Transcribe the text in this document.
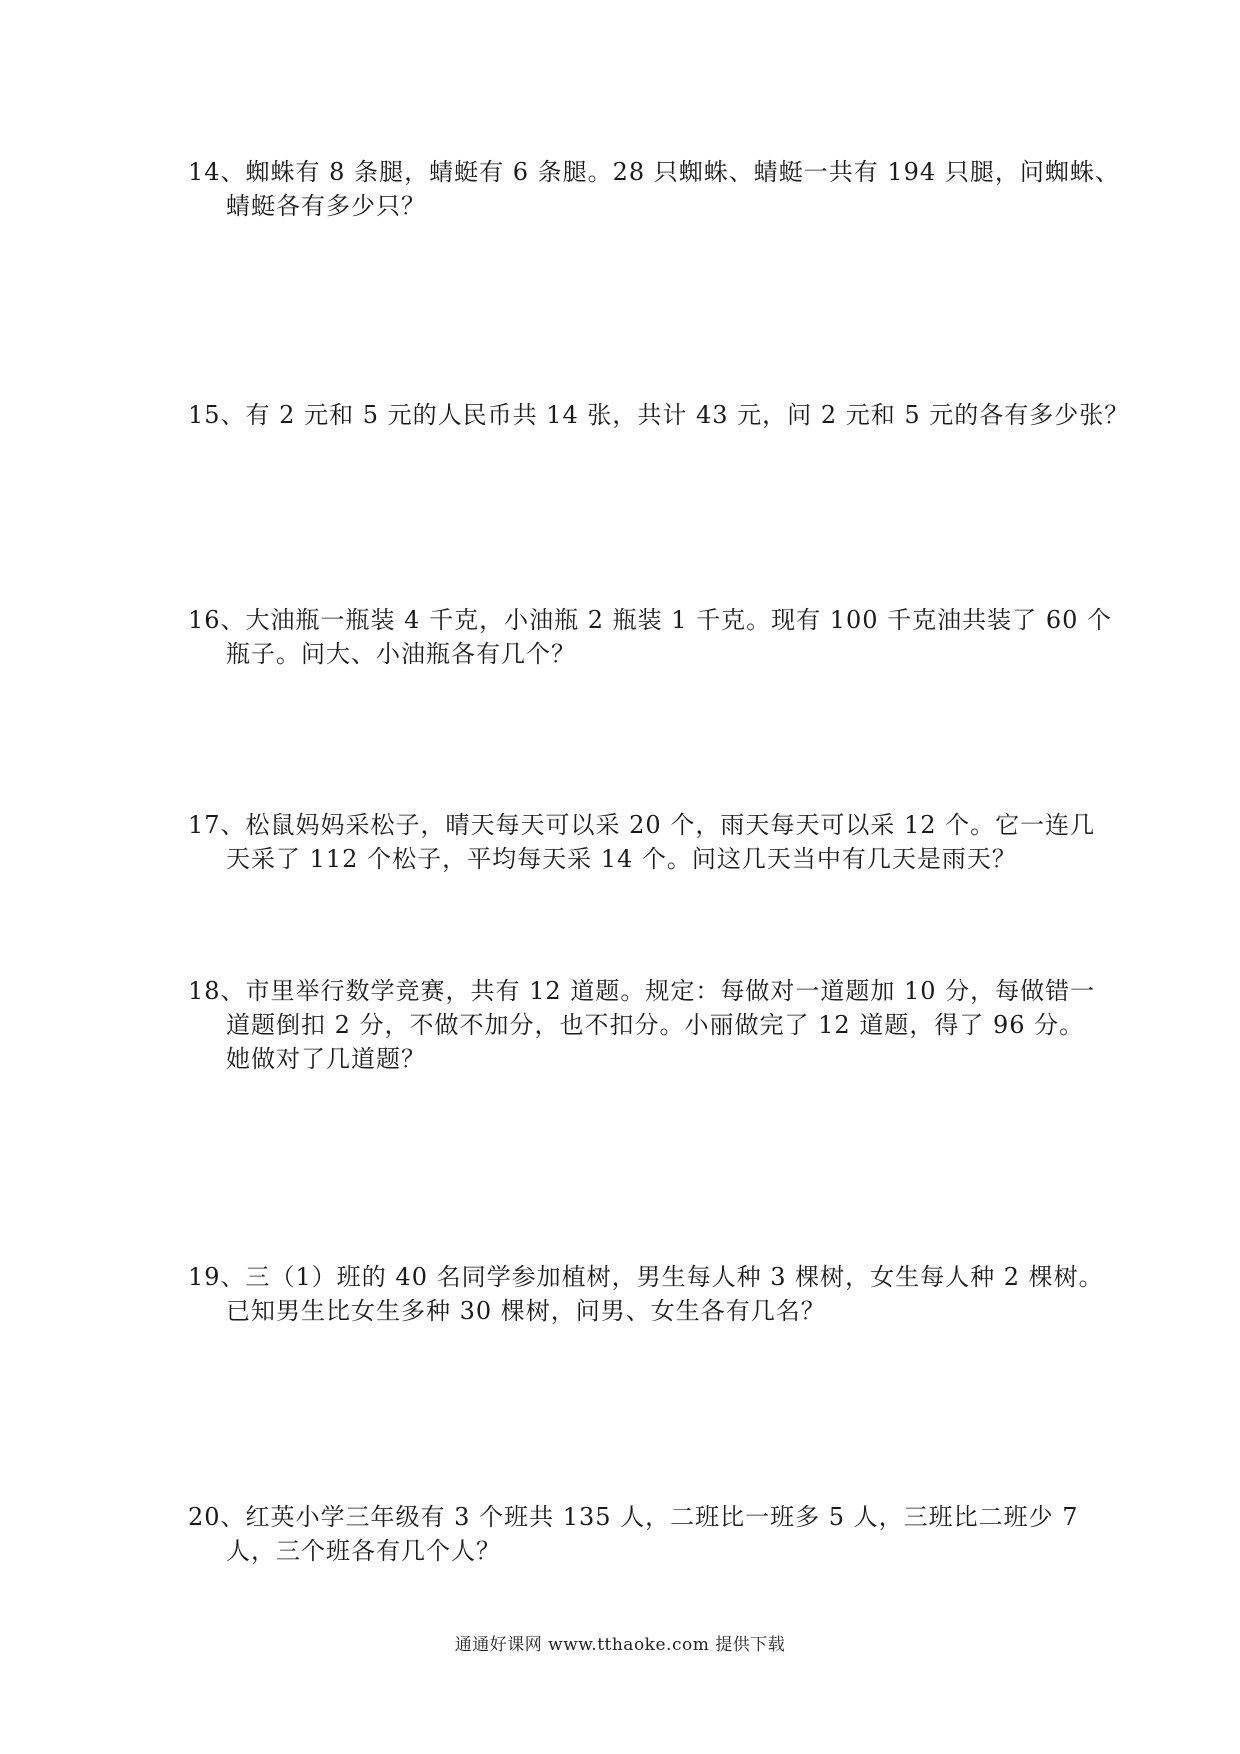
14、蜘蛛有 8 条腿，蜻蜓有 6 条腿。28 只蜘蛛、蜻蜓一共有 194 只腿，问蜘蛛、
蜻蜓各有多少只？
15、有 2 元和 5 元的人民币共 14 张，共计 43 元，问 2 元和 5 元的各有多少张？
16、大油瓶一瓶装 4 千克，小油瓶 2 瓶装 1 千克。现有 100 千克油共装了 60 个
瓶子。问大、小油瓶各有几个？
17、松鼠妈妈采松子，晴天每天可以采 20 个，雨天每天可以采 12 个。它一连几
天采了 112 个松子，平均每天采 14 个。问这几天当中有几天是雨天？
18、市里举行数学竞赛，共有 12 道题。规定：每做对一道题加 10 分，每做错一
道题倒扣 2 分，不做不加分，也不扣分。小丽做完了 12 道题，得了 96 分。
她做对了几道题？
19、三（1）班的 40 名同学参加植树，男生每人种 3 棵树，女生每人种 2 棵树。
已知男生比女生多种 30 棵树，问男、女生各有几名？
20、红英小学三年级有 3 个班共 135 人，二班比一班多 5 人，三班比二班少 7
人，三个班各有几个人？
通通好课网 www.tthaoke.com 提供下载
